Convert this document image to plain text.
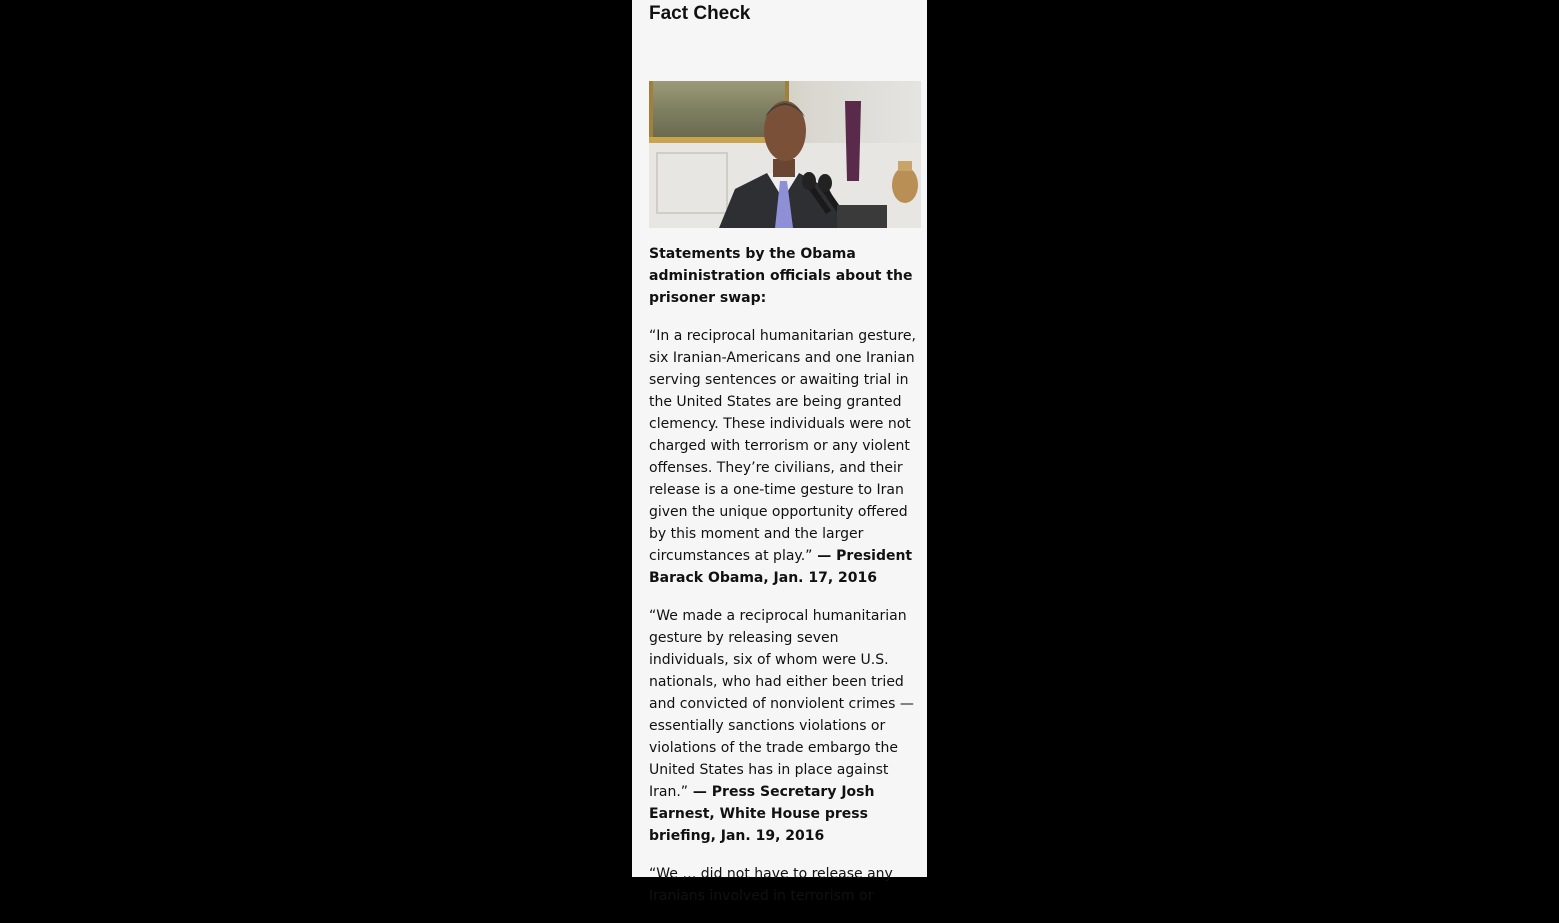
Fact Check

Statements by the Obama administration officials about the prisoner swap:

“In a reciprocal humanitarian gesture, six Iranian-Americans and one Iranian serving sentences or awaiting trial in the United States are being granted clemency. These individuals were not charged with terrorism or any violent offenses. They’re civilians, and their release is a one-time gesture to Iran given the unique opportunity offered by this moment and the larger circumstances at play.” — President Barack Obama, Jan. 17, 2016

“We made a reciprocal humanitarian gesture by releasing seven individuals, six of whom were U.S. nationals, who had either been tried and convicted of nonviolent crimes — essentially sanctions violations or violations of the trade embargo the United States has in place against Iran.” — Press Secretary Josh Earnest, White House press briefing, Jan. 19, 2016

“We … did not have to release any Iranians involved in terrorism or
